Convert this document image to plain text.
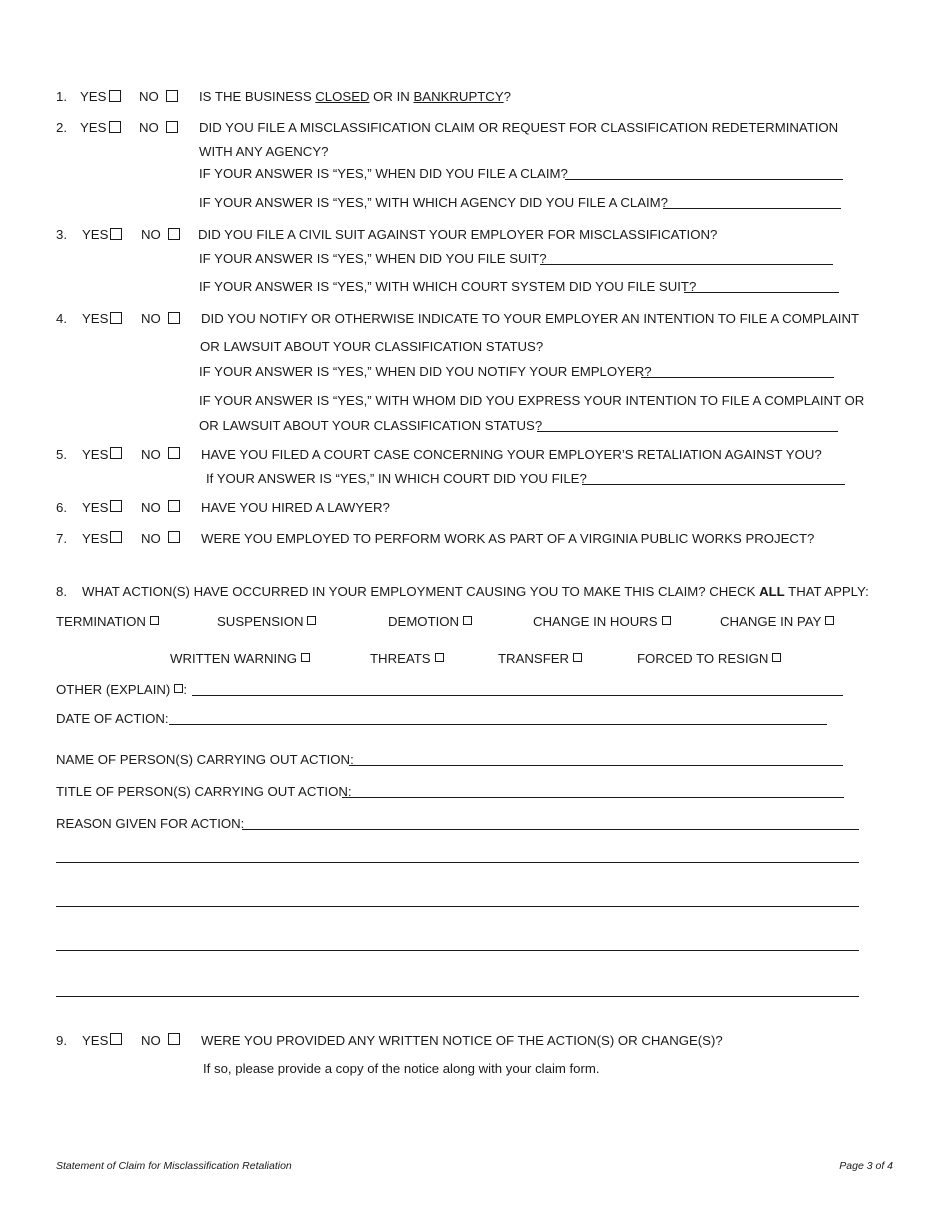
1. YES NO	IS THE BUSINESS CLOSED OR IN BANKRUPTCY?
2. YES NO	DID YOU FILE A MISCLASSIFICATION CLAIM OR REQUEST FOR CLASSIFICATION REDETERMINATION
WITH ANY AGENCY?
IF YOUR ANSWER IS “YES,” WHEN DID YOU FILE A CLAIM?
IF YOUR ANSWER IS “YES,” WITH WHICH AGENCY DID YOU FILE A CLAIM?
3. YES NO	DID YOU FILE A CIVIL SUIT AGAINST YOUR EMPLOYER FOR MISCLASSIFICATION?
IF YOUR ANSWER IS “YES,” WHEN DID YOU FILE SUIT?
IF YOUR ANSWER IS “YES,” WITH WHICH COURT SYSTEM DID YOU FILE SUIT?
4. YES NO	DID YOU NOTIFY OR OTHERWISE INDICATE TO YOUR EMPLOYER AN INTENTION TO FILE A COMPLAINT
OR LAWSUIT ABOUT YOUR CLASSIFICATION STATUS?
IF YOUR ANSWER IS “YES,” WHEN DID YOU NOTIFY YOUR EMPLOYER?
IF YOUR ANSWER IS “YES,” WITH WHOM DID YOU EXPRESS YOUR INTENTION TO FILE A COMPLAINT OR
OR LAWSUIT ABOUT YOUR CLASSIFICATION STATUS?
5. YES NO	HAVE YOU FILED A COURT CASE CONCERNING YOUR EMPLOYER’S RETALIATION AGAINST YOU?
If YOUR ANSWER IS “YES,” IN WHICH COURT DID YOU FILE?
6. YES NO	HAVE YOU HIRED A LAWYER?
7. YES NO	WERE YOU EMPLOYED TO PERFORM WORK AS PART OF A VIRGINIA PUBLIC WORKS PROJECT?
8. WHAT ACTION(S) HAVE OCCURRED IN YOUR EMPLOYMENT CAUSING YOU TO MAKE THIS CLAIM? CHECK ALL THAT APPLY:
TERMINATION	SUSPENSION	DEMOTION	CHANGE IN HOURS	CHANGE IN PAY
WRITTEN WARNING	THREATS	TRANSFER	FORCED TO RESIGN
OTHER (EXPLAIN) :
DATE OF ACTION:
NAME OF PERSON(S) CARRYING OUT ACTION:
TITLE OF PERSON(S) CARRYING OUT ACTION:
REASON GIVEN FOR ACTION:
9. YES NO	WERE YOU PROVIDED ANY WRITTEN NOTICE OF THE ACTION(S) OR CHANGE(S)?
If so, please provide a copy of the notice along with your claim form.
Statement of Claim for Misclassification Retaliation	Page 3 of 4
